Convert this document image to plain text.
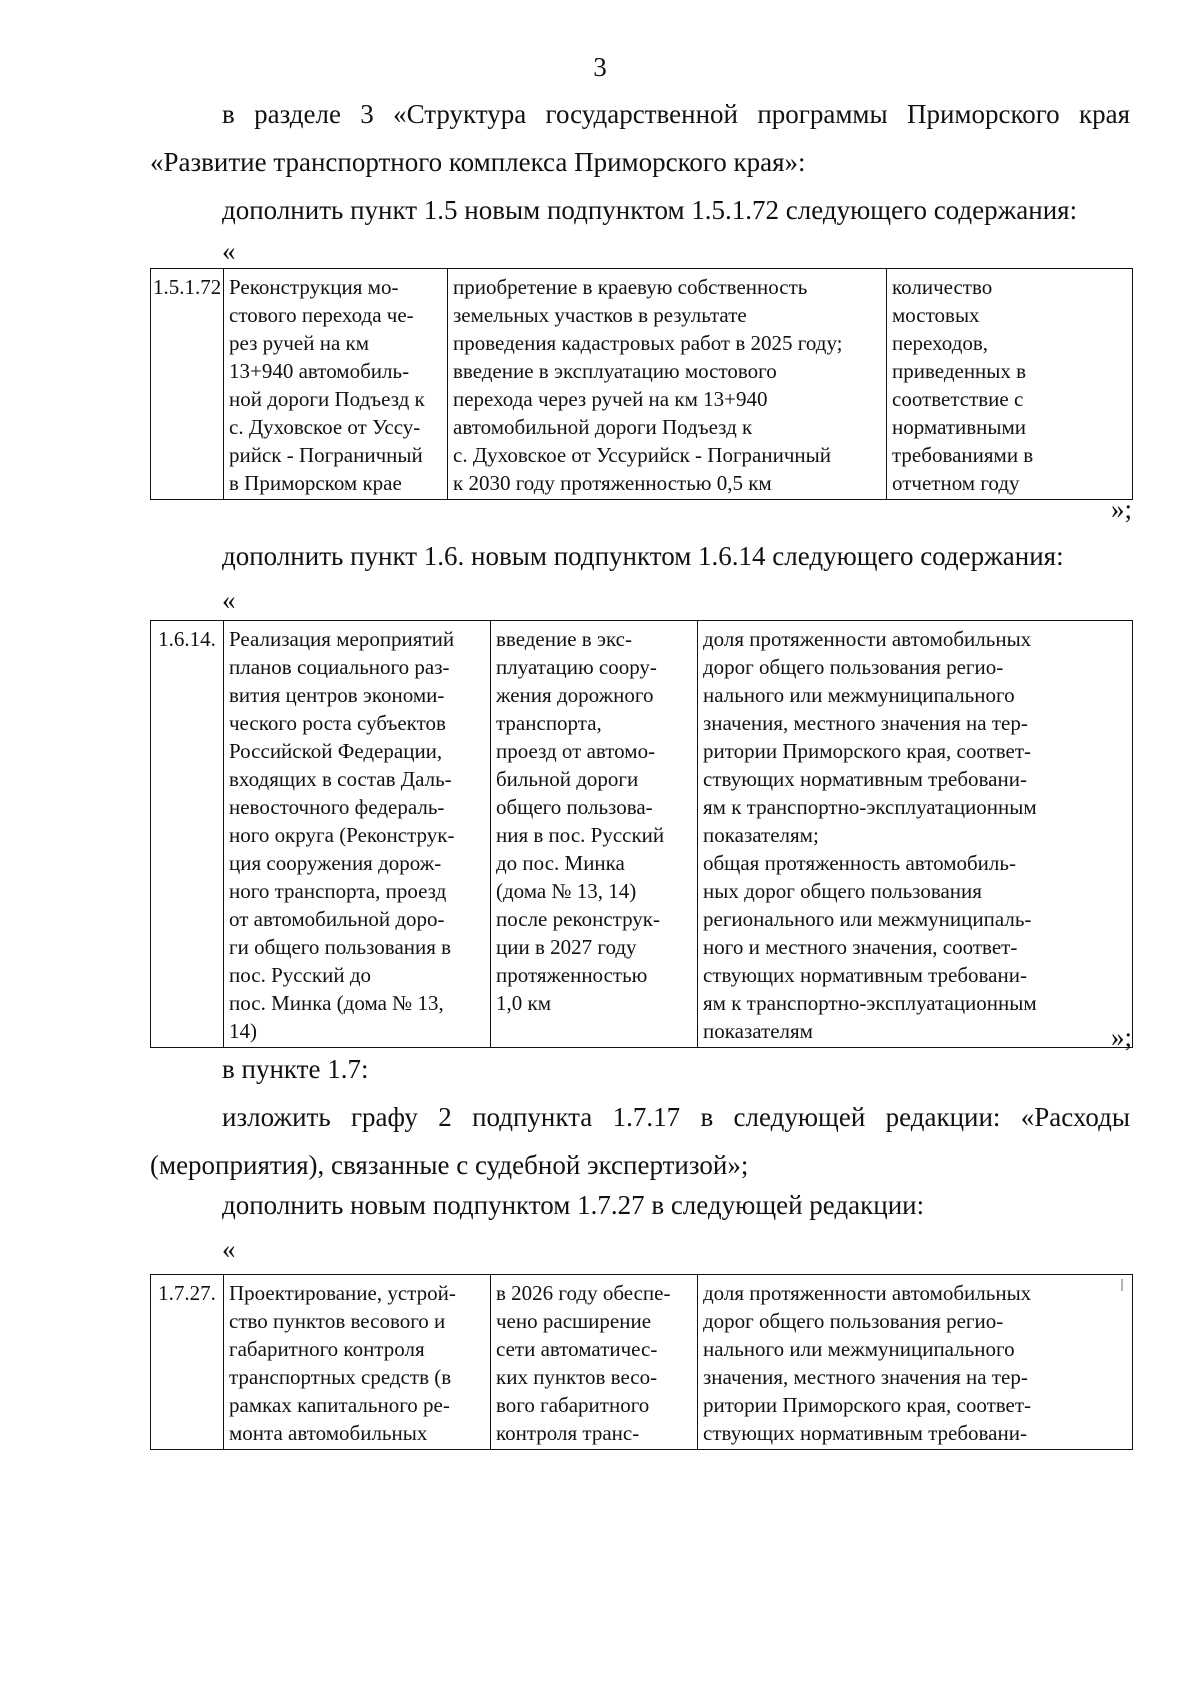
3

в разделе 3 «Структура государственной программы Приморского края «Развитие транспортного комплекса Приморского края»:

дополнить пункт 1.5 новым подпунктом 1.5.1.72 следующего содержания:

«
1.5.1.72	Реконструкция мо-
стового перехода че-
рез ручей на км
13+940 автомобиль-
ной дороги Подъезд к
с. Духовское от Уссу-
рийск - Пограничный
в Приморском крае	приобретение в краевую собственность
земельных участков в результате
проведения кадастровых работ в 2025 году;
введение в эксплуатацию мостового
перехода через ручей на км 13+940
автомобильной дороги Подъезд к
с. Духовское от Уссурийск - Пограничный
к 2030 году протяженностью 0,5 км	количество
мостовых
переходов,
приведенных в
соответствие с
нормативными
требованиями в
отчетном году
»;

дополнить пункт 1.6. новым подпунктом 1.6.14 следующего содержания:

«
1.6.14.	Реализация мероприятий
планов социального раз-
вития центров экономи-
ческого роста субъектов
Российской Федерации,
входящих в состав Даль-
невосточного федераль-
ного округа (Реконструк-
ция сооружения дорож-
ного транспорта, проезд
от автомобильной доро-
ги общего пользования в
пос. Русский до
пос. Минка (дома № 13,
14)	введение в экс-
плуатацию соору-
жения дорожного
транспорта,
проезд от автомо-
бильной дороги
общего пользова-
ния в пос. Русский
до пос. Минка
(дома № 13, 14)
после реконструк-
ции в 2027 году
протяженностью
1,0 км	доля протяженности автомобильных
дорог общего пользования регио-
нального или межмуниципального
значения, местного значения на тер-
ритории Приморского края, соответ-
ствующих нормативным требовани-
ям к транспортно-эксплуатационным
показателям;
общая протяженность автомобиль-
ных дорог общего пользования
регионального или межмуниципаль-
ного и местного значения, соответ-
ствующих нормативным требовани-
ям к транспортно-эксплуатационным
показателям	»;

в пункте 1.7:

изложить графу 2 подпункта 1.7.17 в следующей редакции: «Расходы (мероприятия), связанные с судебной экспертизой»;

дополнить новым подпунктом 1.7.27 в следующей редакции:

«
1.7.27.	Проектирование, устрой-
ство пунктов весового и
габаритного контроля
транспортных средств (в
рамках капитального ре-
монта автомобильных	в 2026 году обеспе-
чено расширение
сети автоматичес-
ких пунктов весо-
вого габаритного
контроля транс-	доля протяженности автомобильных
дорог общего пользования регио-
нального или межмуниципального
значения, местного значения на тер-
ритории Приморского края, соответ-
ствующих нормативным требовани-
